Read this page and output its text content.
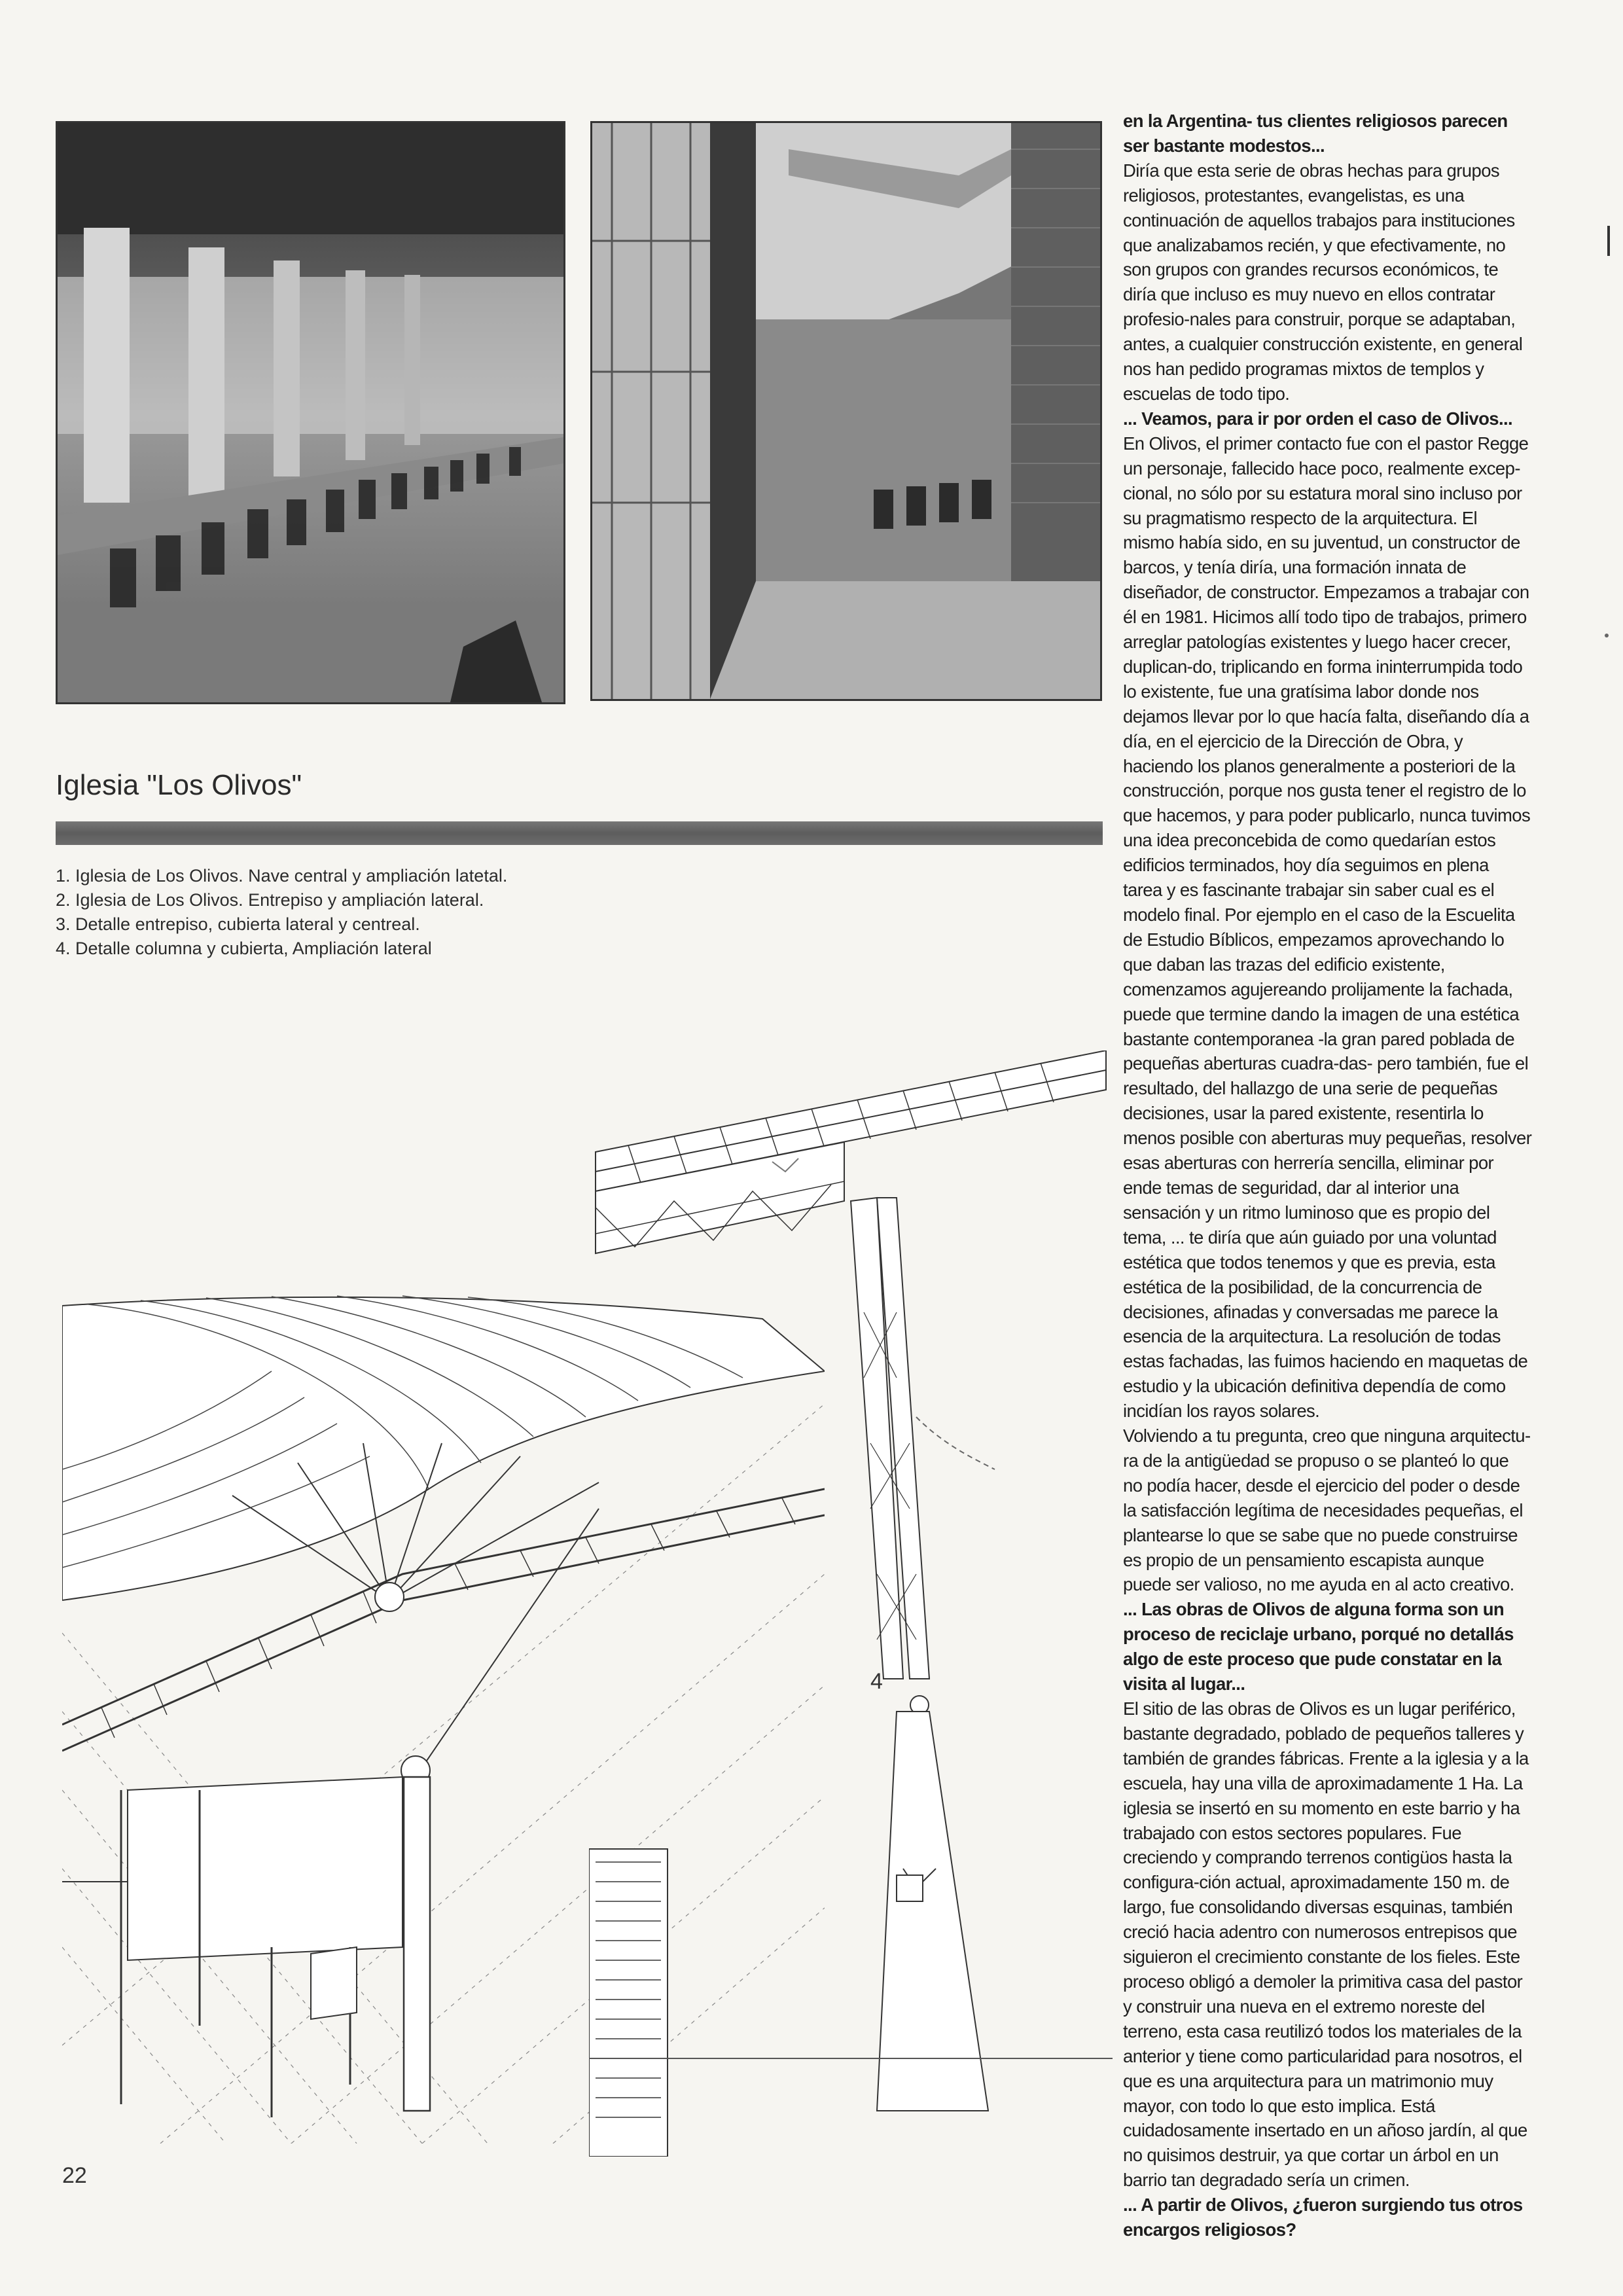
Iglesia "Los Olivos"
1. Iglesia de Los Olivos. Nave central y ampliación latetal.
2. Iglesia de Los Olivos. Entrepiso y ampliación lateral.
3. Detalle entrepiso, cubierta lateral y centreal.
4. Detalle columna y cubierta, Ampliación lateral
4

en la Argentina- tus clientes religiosos parecen ser bastante modestos...

Diría que esta serie de obras hechas para grupos religiosos, protestantes, evangelistas, es una continuación de aquellos trabajos para instituciones que analizabamos recién, y que efectivamente, no son grupos con grandes recursos económicos, te diría que incluso es muy nuevo en ellos contratar profesio-nales para construir, porque se adaptaban, antes, a cualquier construcción existente, en general nos han pedido programas mixtos de templos y escuelas de todo tipo.

... Veamos, para ir por orden el caso de Olivos...

En Olivos, el primer contacto fue con el pastor Regge un personaje, fallecido hace poco, realmente excep-cional, no sólo por su estatura moral sino incluso por su pragmatismo respecto de la arquitectura. El mismo había sido, en su juventud, un constructor de barcos, y tenía diría, una formación innata de diseñador, de constructor. Empezamos a trabajar con él en 1981. Hicimos allí todo tipo de trabajos, primero arreglar patologías existentes y luego hacer crecer, duplican-do, triplicando en forma ininterrumpida todo lo existente, fue una gratísima labor donde nos dejamos llevar por lo que hacía falta, diseñando día a día, en el ejercicio de la Dirección de Obra, y haciendo los planos generalmente a posteriori de la construcción, porque nos gusta tener el registro de lo que hacemos, y para poder publicarlo, nunca tuvimos una idea preconcebida de como quedarían estos edificios terminados, hoy día seguimos en plena tarea y es fascinante trabajar sin saber cual es el modelo final. Por ejemplo en el caso de la Escuelita de Estudio Bíblicos, empezamos aprovechando lo que daban las trazas del edificio existente, comenzamos agujereando prolijamente la fachada, puede que termine dando la imagen de una estética bastante contemporanea -la gran pared poblada de pequeñas aberturas cuadra-das- pero también, fue el resultado, del hallazgo de una serie de pequeñas decisiones, usar la pared existente, resentirla lo menos posible con aberturas muy pequeñas, resolver esas aberturas con herrería sencilla, eliminar por ende temas de seguridad, dar al interior una sensación y un ritmo luminoso que es propio del tema, ... te diría que aún guiado por una voluntad estética que todos tenemos y que es previa, esta estética de la posibilidad, de la concurrencia de decisiones, afinadas y conversadas me parece la esencia de la arquitectura. La resolución de todas estas fachadas, las fuimos haciendo en maquetas de estudio y la ubicación definitiva dependía de como incidían los rayos solares.

Volviendo a tu pregunta, creo que ninguna arquitectu-ra de la antigüedad se propuso o se planteó lo que no podía hacer, desde el ejercicio del poder o desde la satisfacción legítima de necesidades pequeñas, el plantearse lo que se sabe que no puede construirse es propio de un pensamiento escapista aunque puede ser valioso, no me ayuda en al acto creativo.

... Las obras de Olivos de alguna forma son un proceso de reciclaje urbano, porqué no detallás algo de este proceso que pude constatar en la visita al lugar...

El sitio de las obras de Olivos es un lugar periférico, bastante degradado, poblado de pequeños talleres y también de grandes fábricas. Frente a la iglesia y a la escuela, hay una villa de aproximadamente 1 Ha. La iglesia se insertó en su momento en este barrio y ha trabajado con estos sectores populares. Fue creciendo y comprando terrenos contigüos hasta la configura-ción actual, aproximadamente 150 m. de largo, fue consolidando diversas esquinas, también creció hacia adentro con numerosos entrepisos que siguieron el crecimiento constante de los fieles. Este proceso obligó a demoler la primitiva casa del pastor y construir una nueva en el extremo noreste del terreno, esta casa reutilizó todos los materiales de la anterior y tiene como particularidad para nosotros, el que es una arquitectura para un matrimonio muy mayor, con todo lo que esto implica. Está cuidadosamente insertado en un añoso jardín, al que no quisimos destruir, ya que cortar un árbol en un barrio tan degradado sería un crimen.

... A partir de Olivos, ¿fueron surgiendo tus otros encargos religiosos?

22
